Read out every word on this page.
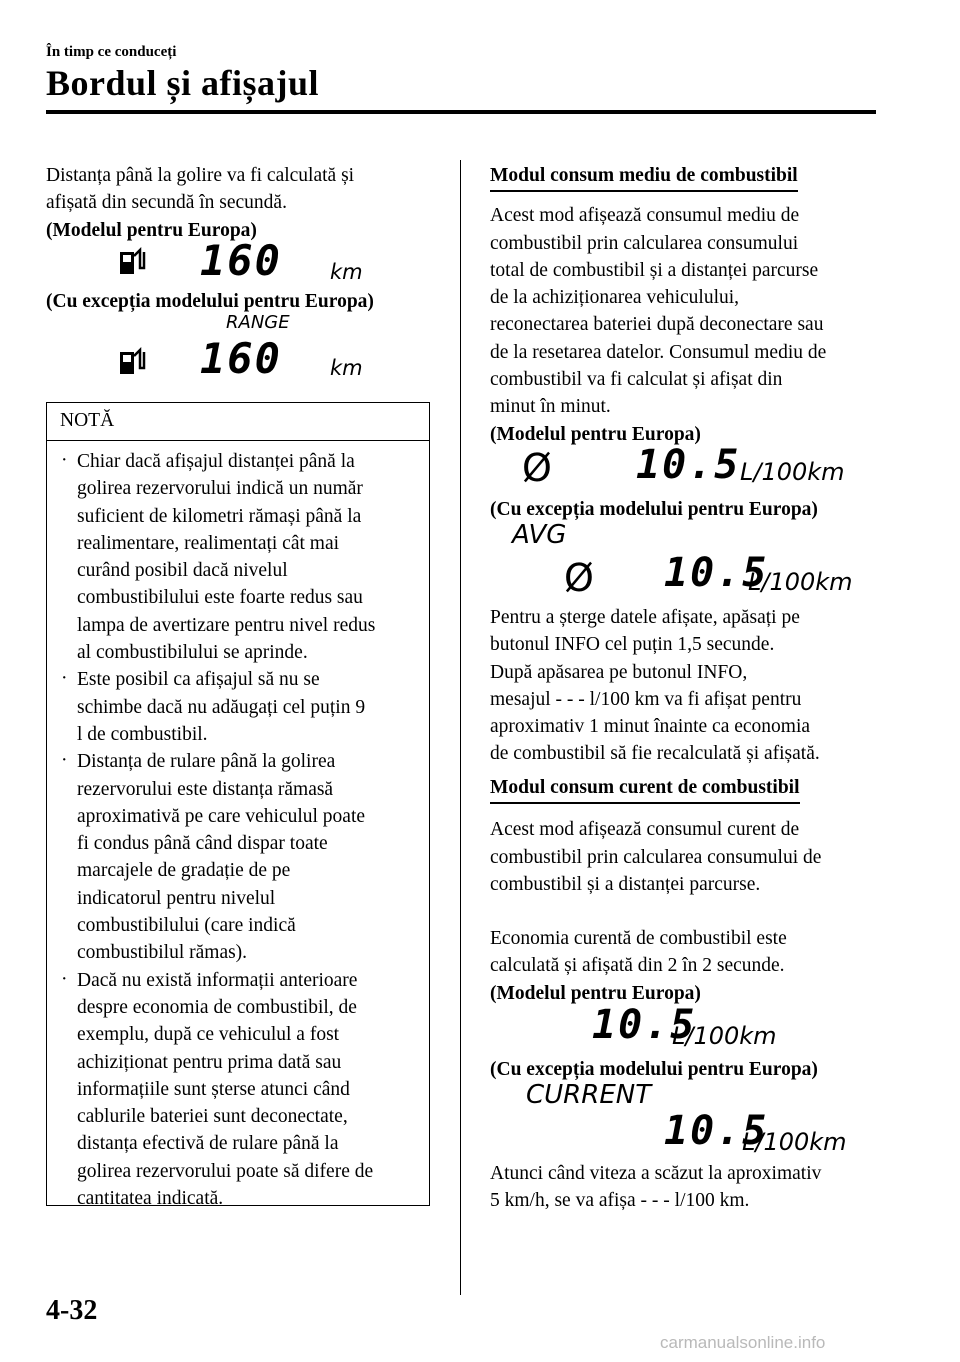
În timp ce conduceți
Bordul și afișajul

Distanța până la golire va fi calculată și

afișată din secundă în secundă.

(Modelul pentru Europa)

160 km
(Cu excepția modelului pentru Europa)
RANGE
160 km
NOTĂ
· Chiar dacă afișajul distanței până la
golirea rezervorului indică un număr
suficient de kilometri rămași până la
realimentare, realimentați cât mai
curând posibil dacă nivelul
combustibilului este foarte redus sau
lampa de avertizare pentru nivel redus
al combustibilului se aprinde.
· Este posibil ca afișajul să nu se
schimbe dacă nu adăugați cel puțin 9
l de combustibil.
· Distanța de rulare până la golirea
rezervorului este distanța rămasă
aproximativă pe care vehiculul poate
fi condus până când dispar toate
marcajele de gradație de pe
indicatorul pentru nivelul
combustibilului (care indică
combustibilul rămas).
· Dacă nu există informații anterioare
despre economia de combustibil, de
exemplu, după ce vehiculul a fost
achiziționat pentru prima dată sau
informațiile sunt șterse atunci când
cablurile bateriei sunt deconectate,
distanța efectivă de rulare până la
golirea rezervorului poate să difere de
cantitatea indicată.

Modul consum mediu de combustibil

Acest mod afișează consumul mediu de

combustibil prin calcularea consumului

total de combustibil și a distanței parcurse

de la achiziționarea vehiculului,

reconectarea bateriei după deconectare sau

de la resetarea datelor. Consumul mediu de

combustibil va fi calculat și afișat din

minut în minut.

(Modelul pentru Europa)

Ø 10.5 L/100km
(Cu excepția modelului pentru Europa)
AVG
Ø 10.5
L/100km

Pentru a șterge datele afișate, apăsați pe

butonul INFO cel puțin 1,5 secunde.

După apăsarea pe butonul INFO,

mesajul - - - l/100 km va fi afișat pentru

aproximativ 1 minut înainte ca economia

de combustibil să fie recalculată și afișată.

Modul consum curent de combustibil

Acest mod afișează consumul curent de

combustibil prin calcularea consumului de

combustibil și a distanței parcurse.

Economia curentă de combustibil este

calculată și afișată din 2 în 2 secunde.

(Modelul pentru Europa)

10.5
L/100km
(Cu excepția modelului pentru Europa)
CURRENT
10.5
L/100km

Atunci când viteza a scăzut la aproximativ

5 km/h, se va afișa - - - l/100 km.

4-32
carmanualsonline.info
